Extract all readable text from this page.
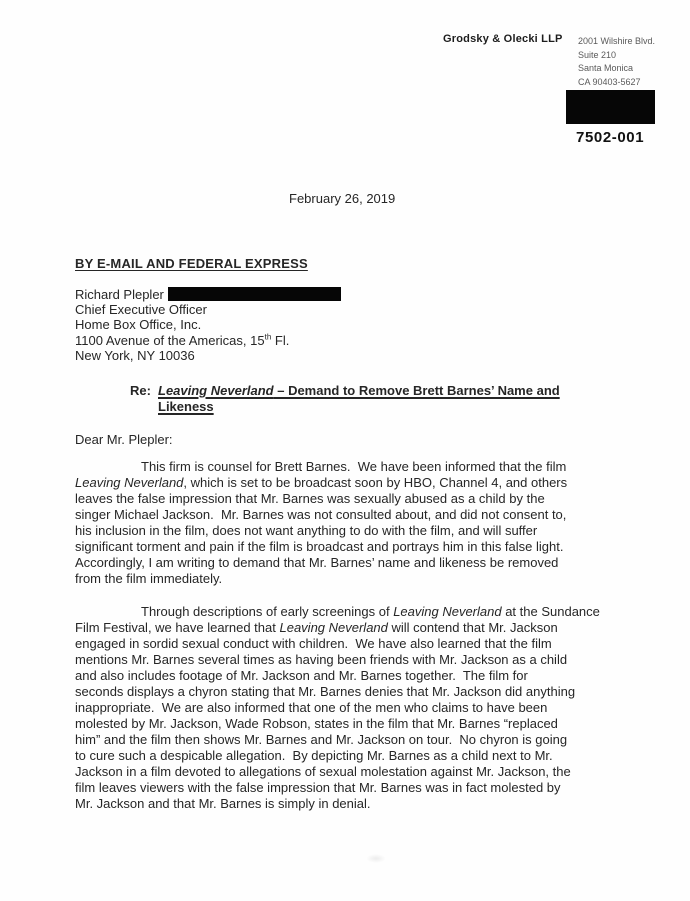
Grodsky & Olecki LLP 2001 Wilshire Blvd.
Suite 210
Santa Monica
CA 90403-5627
7502-001
February 26, 2019
BY E-MAIL AND FEDERAL EXPRESS
Richard Plepler
Chief Executive Officer
Home Box Office, Inc.
1100 Avenue of the Americas, 15th Fl.
New York, NY 10036
Re: Leaving Neverland – Demand to Remove Brett Barnes’ Name and
Likeness
Dear Mr. Plepler:
This firm is counsel for Brett Barnes.  We have been informed that the film
Leaving Neverland, which is set to be broadcast soon by HBO, Channel 4, and others
leaves the false impression that Mr. Barnes was sexually abused as a child by the
singer Michael Jackson.  Mr. Barnes was not consulted about, and did not consent to,
his inclusion in the film, does not want anything to do with the film, and will suffer
significant torment and pain if the film is broadcast and portrays him in this false light.
Accordingly, I am writing to demand that Mr. Barnes’ name and likeness be removed
from the film immediately.
Through descriptions of early screenings of Leaving Neverland at the Sundance
Film Festival, we have learned that Leaving Neverland will contend that Mr. Jackson
engaged in sordid sexual conduct with children.  We have also learned that the film
mentions Mr. Barnes several times as having been friends with Mr. Jackson as a child
and also includes footage of Mr. Jackson and Mr. Barnes together.  The film for
seconds displays a chyron stating that Mr. Barnes denies that Mr. Jackson did anything
inappropriate.  We are also informed that one of the men who claims to have been
molested by Mr. Jackson, Wade Robson, states in the film that Mr. Barnes “replaced
him” and the film then shows Mr. Barnes and Mr. Jackson on tour.  No chyron is going
to cure such a despicable allegation.  By depicting Mr. Barnes as a child next to Mr.
Jackson in a film devoted to allegations of sexual molestation against Mr. Jackson, the
film leaves viewers with the false impression that Mr. Barnes was in fact molested by
Mr. Jackson and that Mr. Barnes is simply in denial.
